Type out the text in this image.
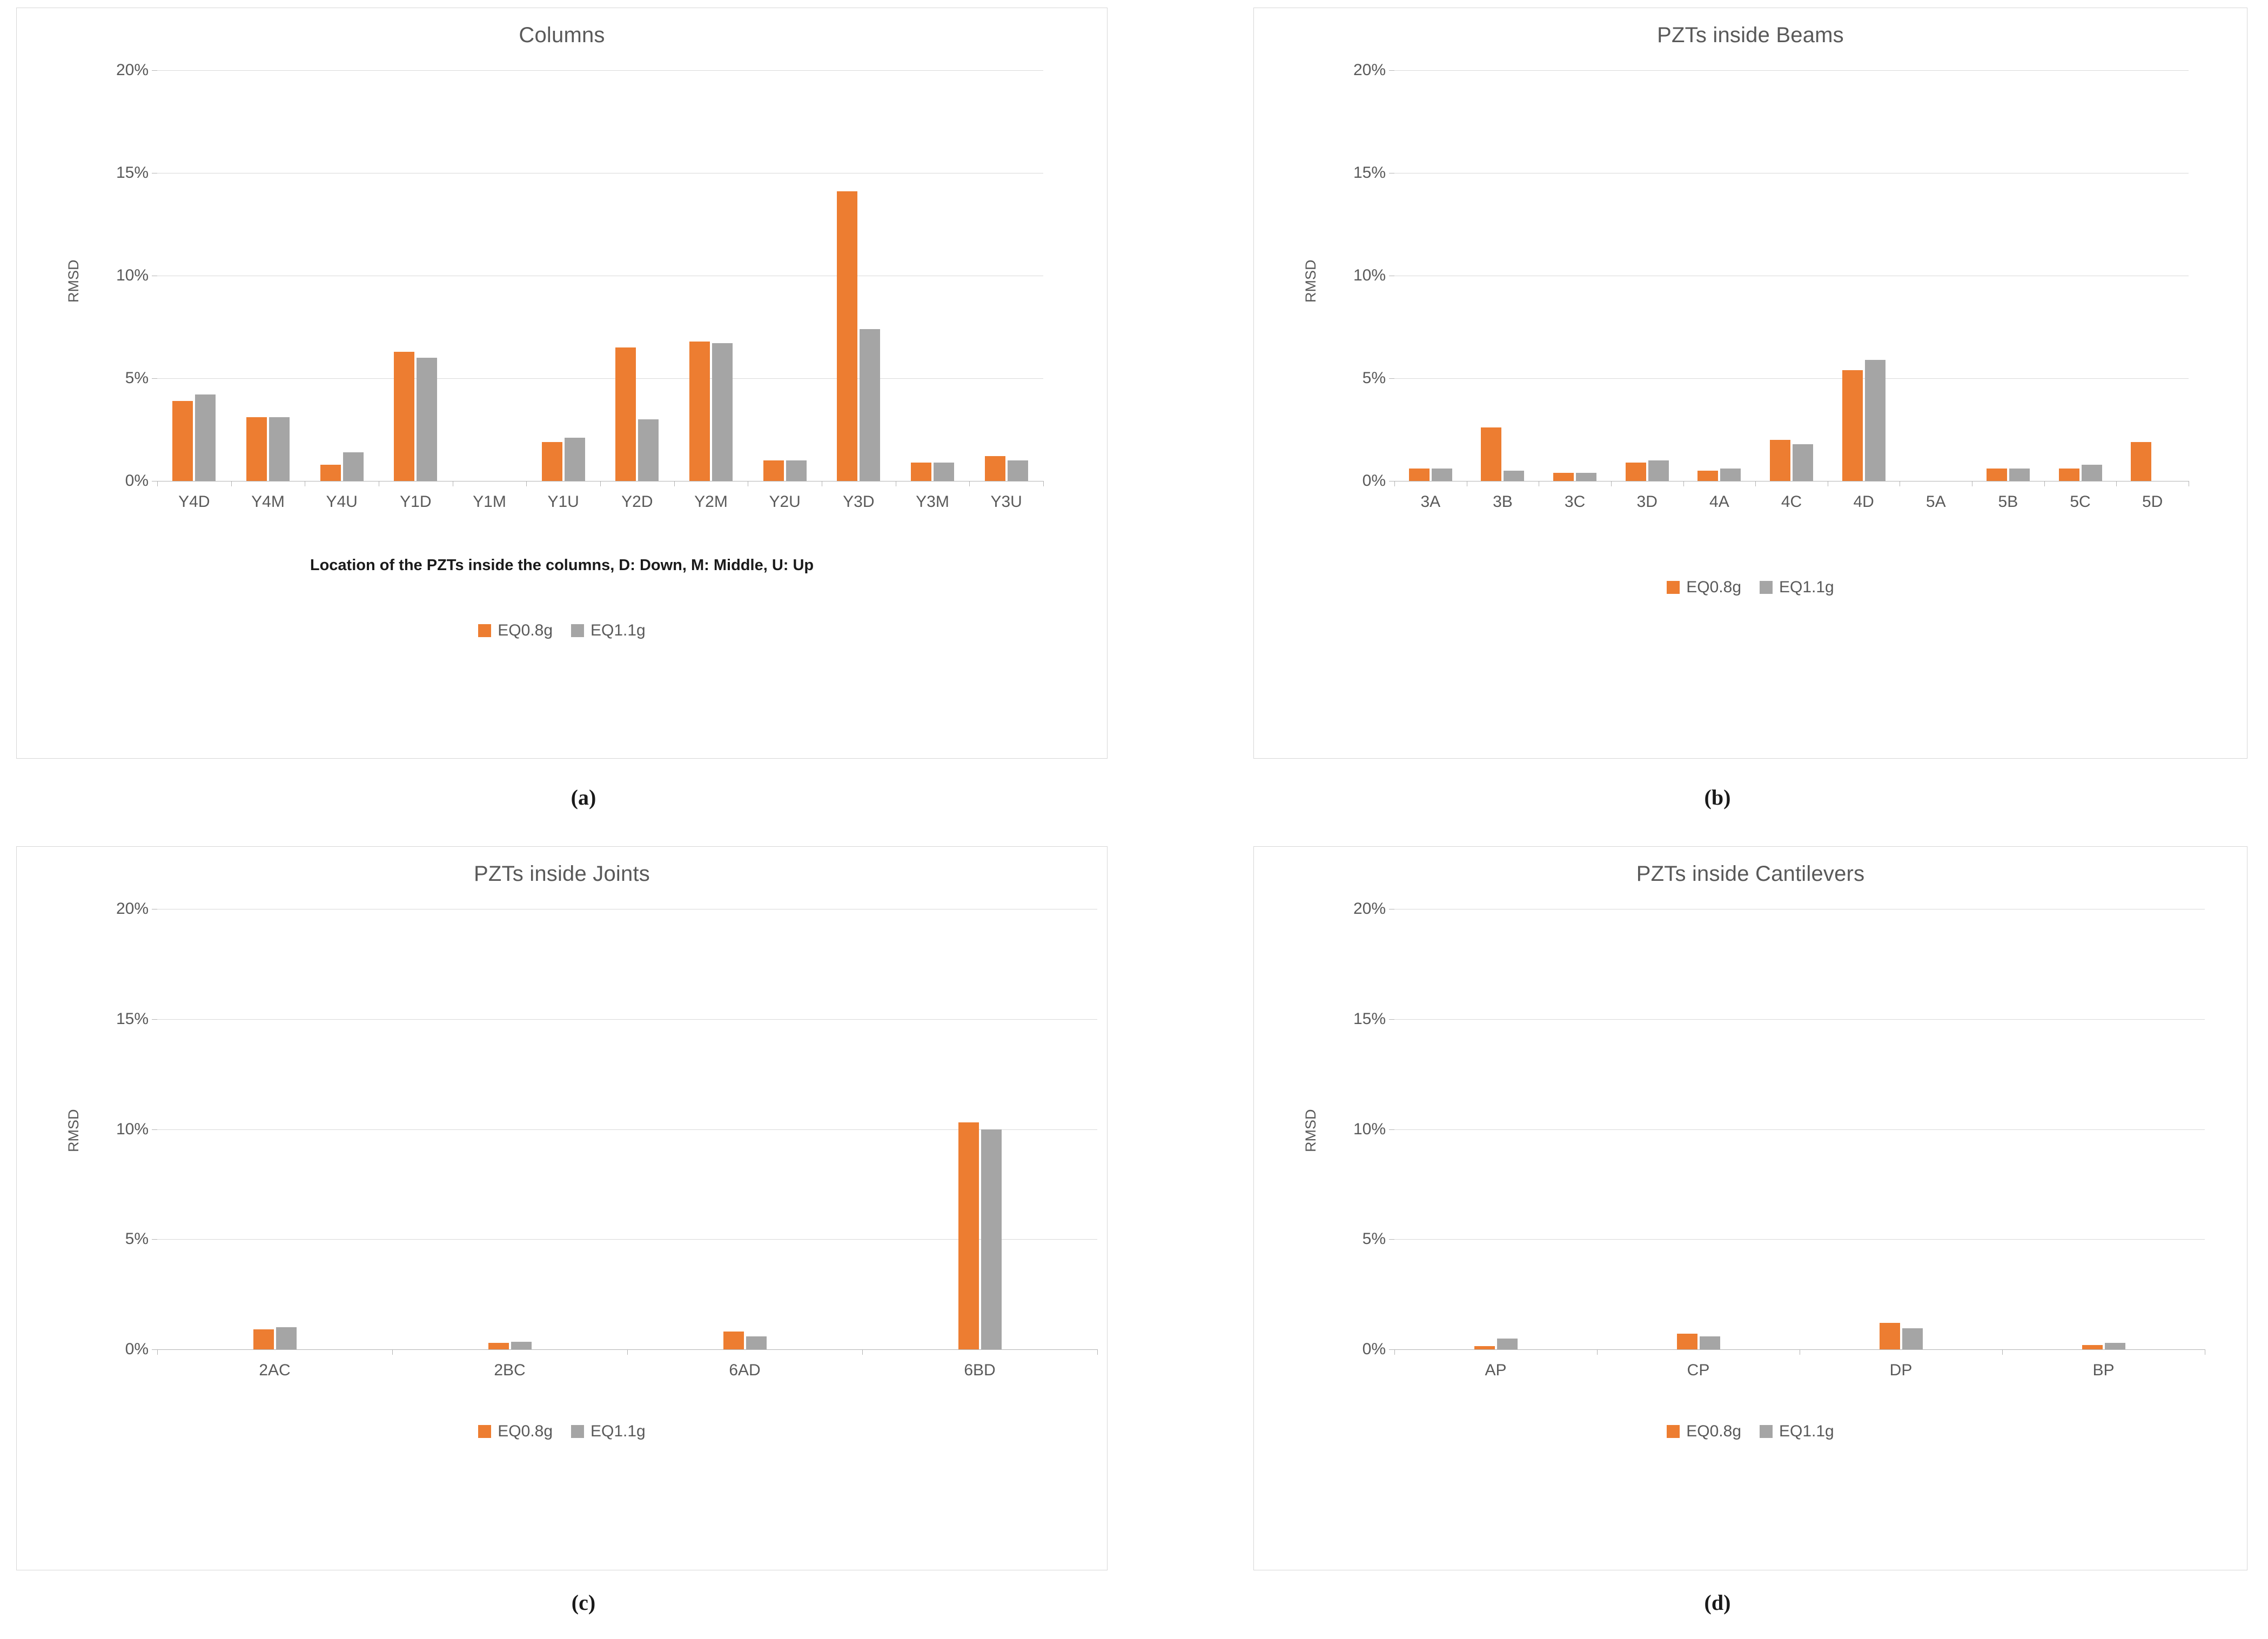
Columns
0%
5%
10%
15%
20%
Y4D	Y4M	Y4U	Y1D	Y1M	Y1U	Y2D	Y2M	Y2U	Y3D	Y3M	Y3U
RMSD
Location of the PZTs inside the columns, D: Down, M: Middle, U: Up
EQ0.8g EQ1.1g
(a)
PZTs inside Beams
0%
5%
10%
15%
20%
3A	3B	3C	3D	4A	4C	4D	5A	5B	5C	5D
RMSD
EQ0.8g EQ1.1g
(b)
PZTs inside Joints
0%
5%
10%
15%
20%
2AC	2BC	6AD	6BD
RMSD
EQ0.8g EQ1.1g
(c)
PZTs inside Cantilevers
0%
5%
10%
15%
20%
AP	CP	DP	BP
RMSD
EQ0.8g EQ1.1g
(d)
